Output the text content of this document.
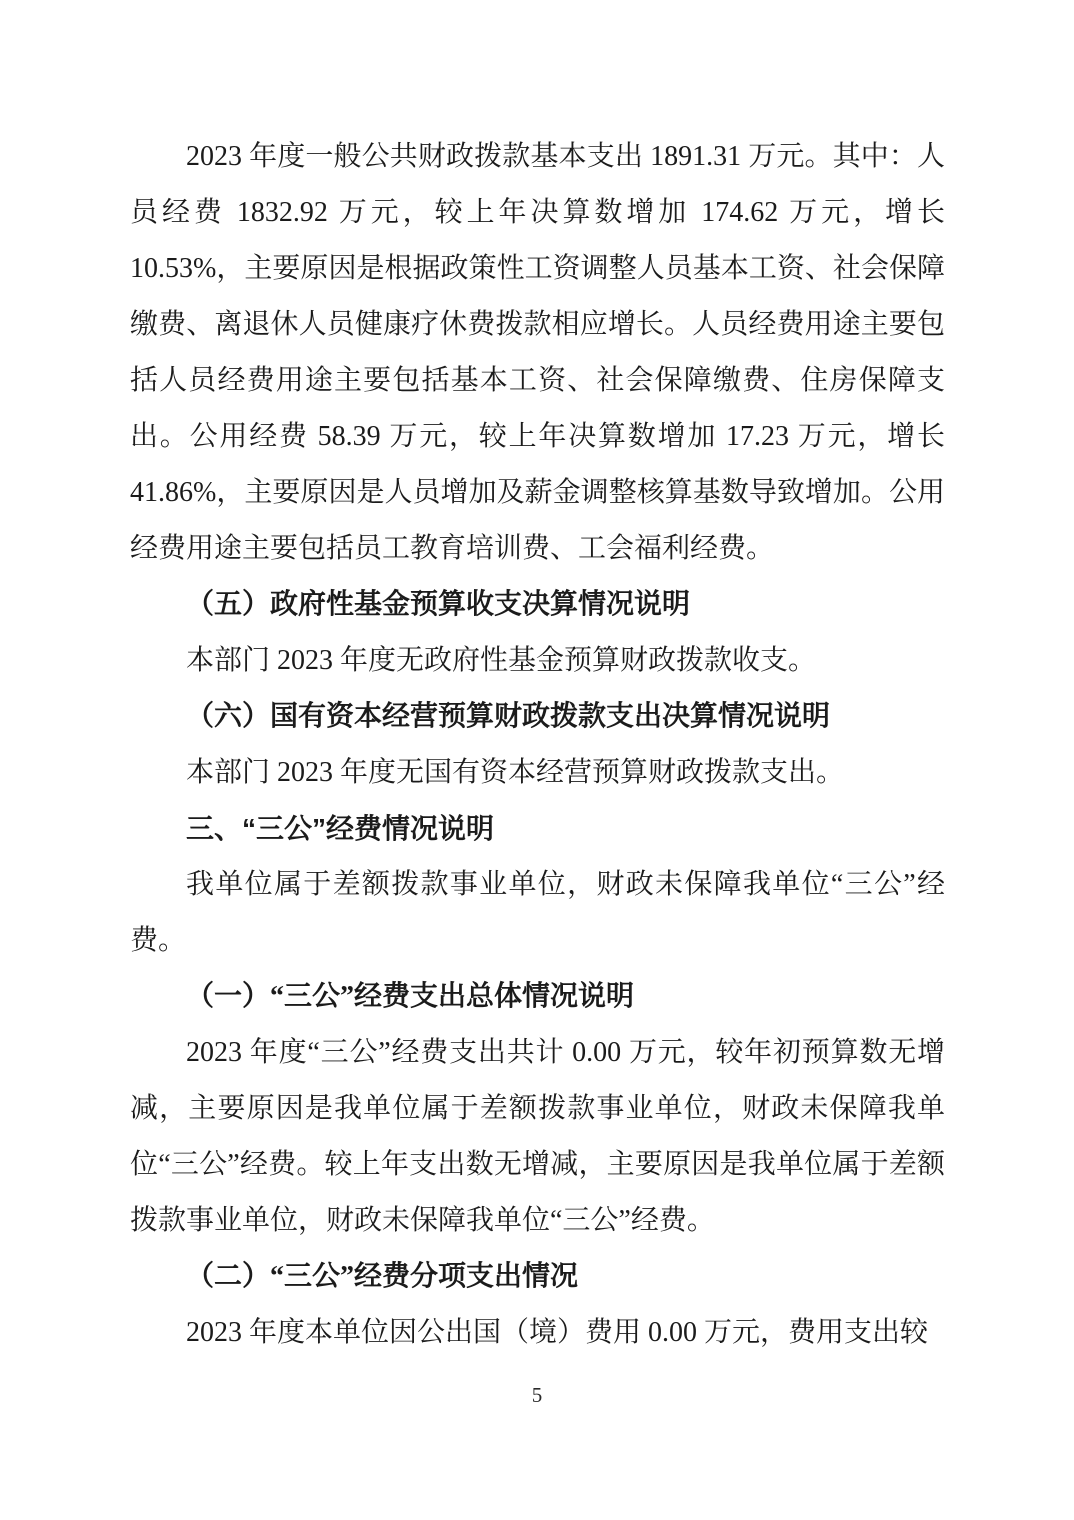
2023 年度一般公共财政拨款基本支出 1891.31 万元。其中：人员经费 1832.92 万元，较上年决算数增加 174.62 万元，增长 10.53%，主要原因是根据政策性工资调整人员基本工资、社会保障缴费、离退休人员健康疗休费拨款相应增长。人员经费用途主要包括人员经费用途主要包括基本工资、社会保障缴费、住房保障支出。公用经费 58.39 万元，较上年决算数增加 17.23 万元，增长 41.86%，主要原因是人员增加及薪金调整核算基数导致增加。公用经费用途主要包括员工教育培训费、工会福利经费。

（五）政府性基金预算收支决算情况说明

本部门 2023 年度无政府性基金预算财政拨款收支。

（六）国有资本经营预算财政拨款支出决算情况说明

本部门 2023 年度无国有资本经营预算财政拨款支出。

三、“三公”经费情况说明

我单位属于差额拨款事业单位，财政未保障我单位“三公”经费。

（一）“三公”经费支出总体情况说明

2023 年度“三公”经费支出共计 0.00 万元，较年初预算数无增减，主要原因是我单位属于差额拨款事业单位，财政未保障我单位“三公”经费。较上年支出数无增减，主要原因是我单位属于差额拨款事业单位，财政未保障我单位“三公”经费。

（二）“三公”经费分项支出情况

2023 年度本单位因公出国（境）费用 0.00 万元，费用支出较

5
